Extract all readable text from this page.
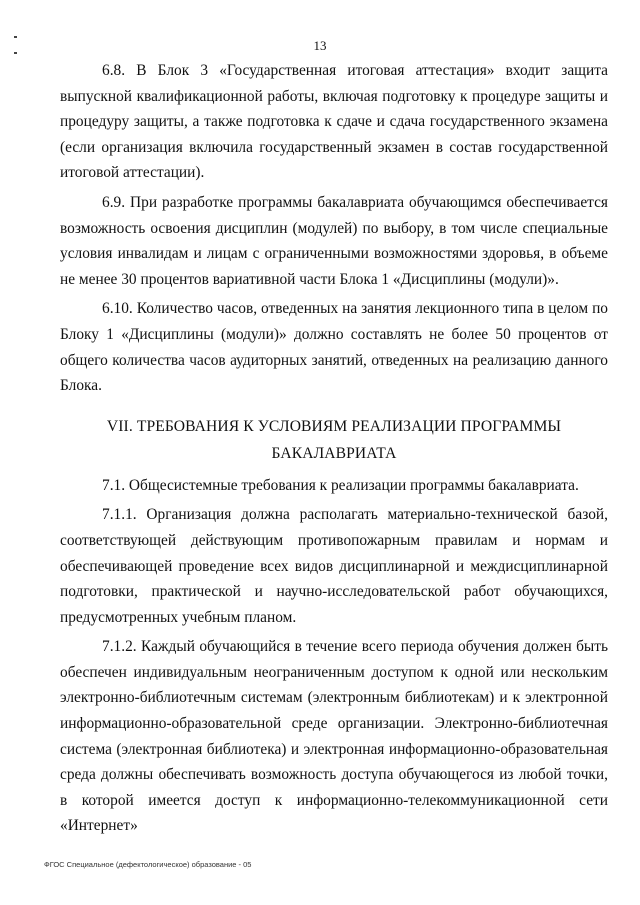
13

6.8. В Блок 3 «Государственная итоговая аттестация» входит защита выпускной квалификационной работы, включая подготовку к процедуре защиты и процедуру защиты, а также подготовка к сдаче и сдача государственного экзамена (если организация включила государственный экзамен в состав государственной итоговой аттестации).

6.9. При разработке программы бакалавриата обучающимся обеспечивается возможность освоения дисциплин (модулей) по выбору, в том числе специальные условия инвалидам и лицам с ограниченными возможностями здоровья, в объеме не менее 30 процентов вариативной части Блока 1 «Дисциплины (модули)».

6.10. Количество часов, отведенных на занятия лекционного типа в целом по Блоку 1 «Дисциплины (модули)» должно составлять не более 50 процентов от общего количества часов аудиторных занятий, отведенных на реализацию данного Блока.

VII. ТРЕБОВАНИЯ К УСЛОВИЯМ РЕАЛИЗАЦИИ ПРОГРАММЫ
БАКАЛАВРИАТА

7.1. Общесистемные требования к реализации программы бакалавриата.

7.1.1. Организация должна располагать материально-технической базой, соответствующей действующим противопожарным правилам и нормам и обеспечивающей проведение всех видов дисциплинарной и междисциплинарной подготовки, практической и научно-исследовательской работ обучающихся, предусмотренных учебным планом.

7.1.2. Каждый обучающийся в течение всего периода обучения должен быть обеспечен индивидуальным неограниченным доступом к одной или нескольким электронно-библиотечным системам (электронным библиотекам) и к электронной информационно-образовательной среде организации. Электронно-библиотечная система (электронная библиотека) и электронная информационно-образовательная среда должны обеспечивать возможность доступа обучающегося из любой точки, в которой имеется доступ к информационно-телекоммуникационной сети «Интернет»

ФГОС Специальное (дефектологическое) образование - 05
